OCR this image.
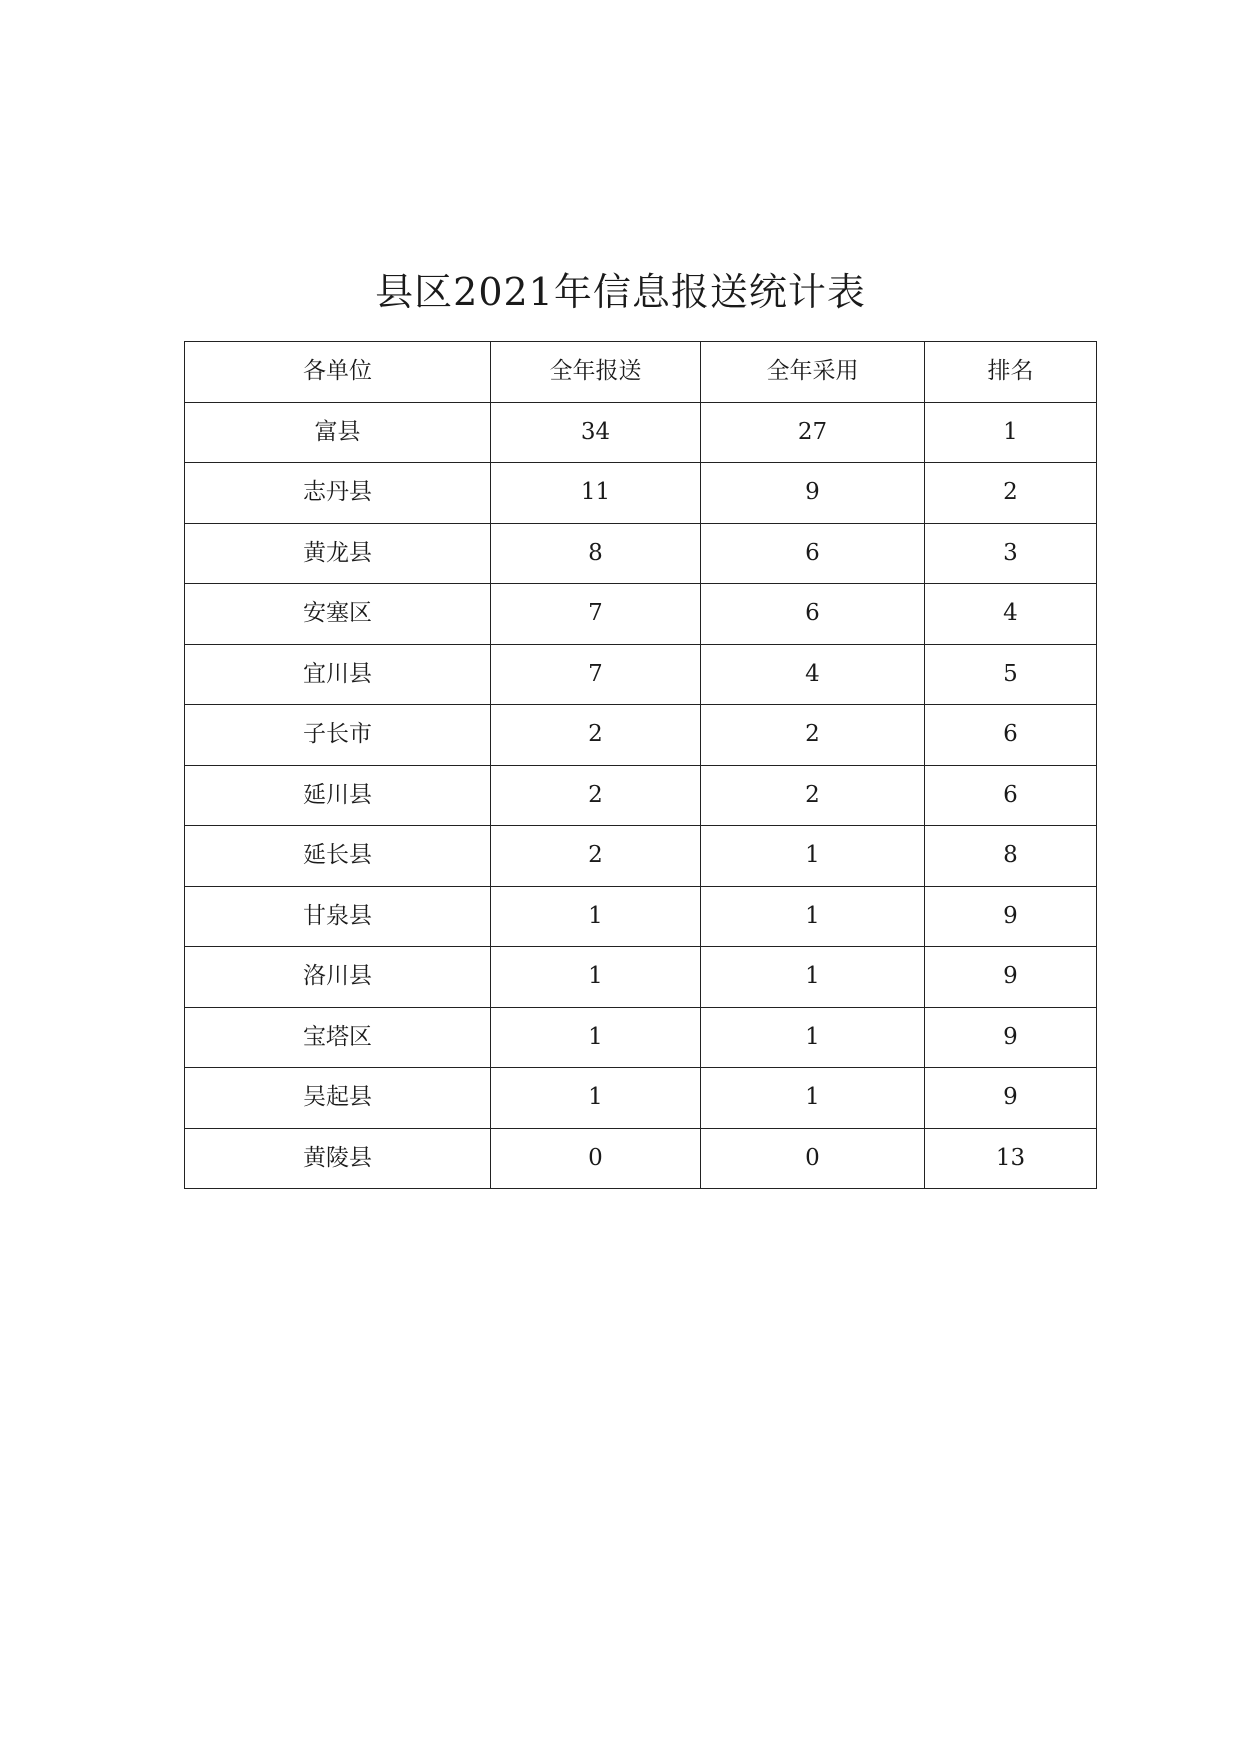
县区2021年信息报送统计表
各单位	全年报送	全年采用	排名
富县	34	27	1
志丹县	11	9	2
黄龙县	8	6	3
安塞区	7	6	4
宜川县	7	4	5
子长市	2	2	6
延川县	2	2	6
延长县	2	1	8
甘泉县	1	1	9
洛川县	1	1	9
宝塔区	1	1	9
吴起县	1	1	9
黄陵县	0	0	13
